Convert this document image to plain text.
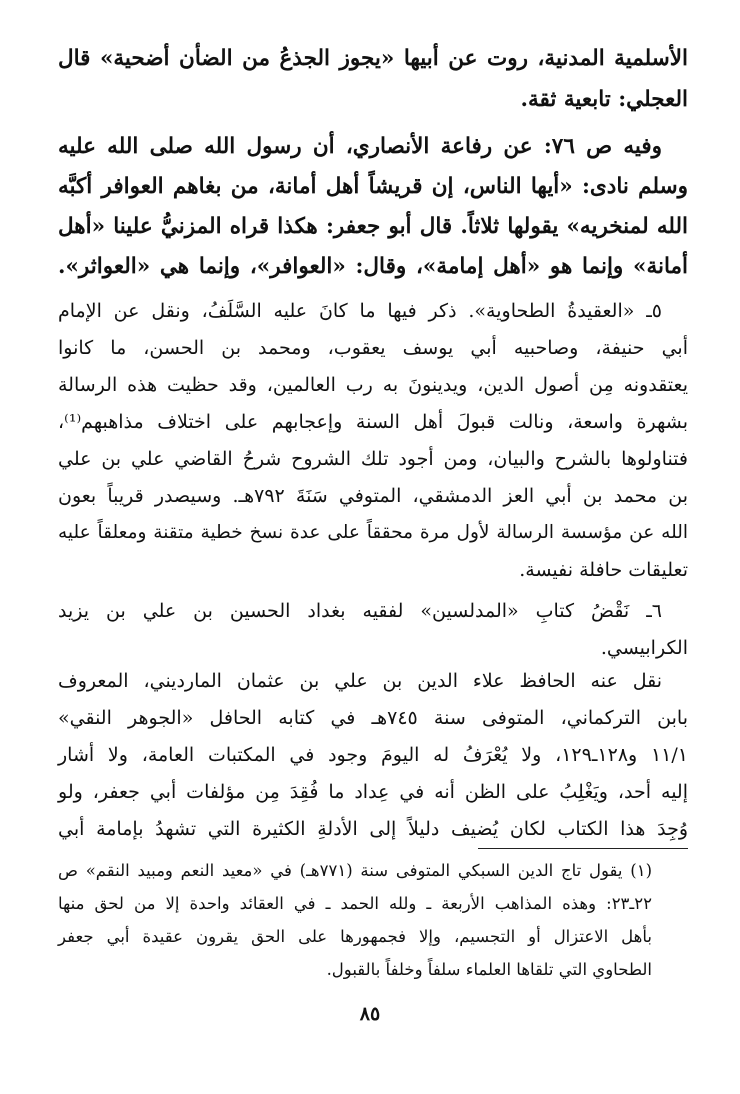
الأسلمية المدنية، روت عن أبيها «يجوز الجذعُ من الضأن أضحية» قال
العجلي: تابعية ثقة.
وفيه ص ٧٦: عن رفاعة الأنصاري، أن رسول الله صلى الله عليه
وسلم نادى: «أيها الناس، إن قريشاً أهل أمانة، من بغاهم العوافر أكبَّه
الله لمنخريه» يقولها ثلاثاً. قال أبو جعفر: هكذا قراه المزنيُّ علينا «أهل
أمانة» وإنما هو «أهل إمامة»، وقال: «العوافر»، وإنما هي «العواثر».
٥ـ «العقيدةُ الطحاوية». ذكر فيها ما كانَ عليه السَّلَفُ، ونقل عن الإمام
أبي حنيفة، وصاحبيه أبي يوسف يعقوب، ومحمد بن الحسن، ما كانوا
يعتقدونه مِن أصول الدين، ويدينونَ به رب العالمين، وقد حظيت هذه الرسالة
بشهرة واسعة، ونالت قبولَ أهل السنة وإعجابهم على اختلاف مذاهبهم⁽¹⁾،
فتناولوها بالشرح والبيان، ومن أجود تلك الشروح شرحُ القاضي علي بن علي
بن محمد بن أبي العز الدمشقي، المتوفي سَنَةَ ٧٩٢هـ. وسيصدر قريباً بعون
الله عن مؤسسة الرسالة لأول مرة محققاً على عدة نسخ خطية متقنة ومعلقاً عليه
تعليقات حافلة نفيسة.
٦ـ نَقْضُ كتابِ «المدلسين» لفقيه بغداد الحسين بن علي بن يزيد
الكرابيسي.
نقل عنه الحافظ علاء الدين بن علي بن عثمان المارديني، المعروف
بابن التركماني، المتوفى سنة ٧٤٥هـ في كتابه الحافل «الجوهر النقي»
١١/١ و١٢٨ـ١٢٩، ولا يُعْرَفُ له اليومَ وجود في المكتبات العامة، ولا أشار
إليه أحد، ويَغْلِبُ على الظن أنه في عِداد ما فُقِدَ مِن مؤلفات أبي جعفر، ولو
وُجِدَ هذا الكتاب لكان يُضيف دليلاً إلى الأدلةِ الكثيرة التي تشهدُ بإمامة أبي
(١) يقول تاج الدين السبكي المتوفى سنة (٧٧١هـ) في «معيد النعم ومبيد النقم» ص
٢٢ـ٢٣: وهذه المذاهب الأربعة ـ ولله الحمد ـ في العقائد واحدة إلا من لحق منها
بأهل الاعتزال أو التجسيم، وإلا فجمهورها على الحق يقرون عقيدة أبي جعفر
الطحاوي التي تلقاها العلماء سلفاً وخلفاً بالقبول.
٨٥
